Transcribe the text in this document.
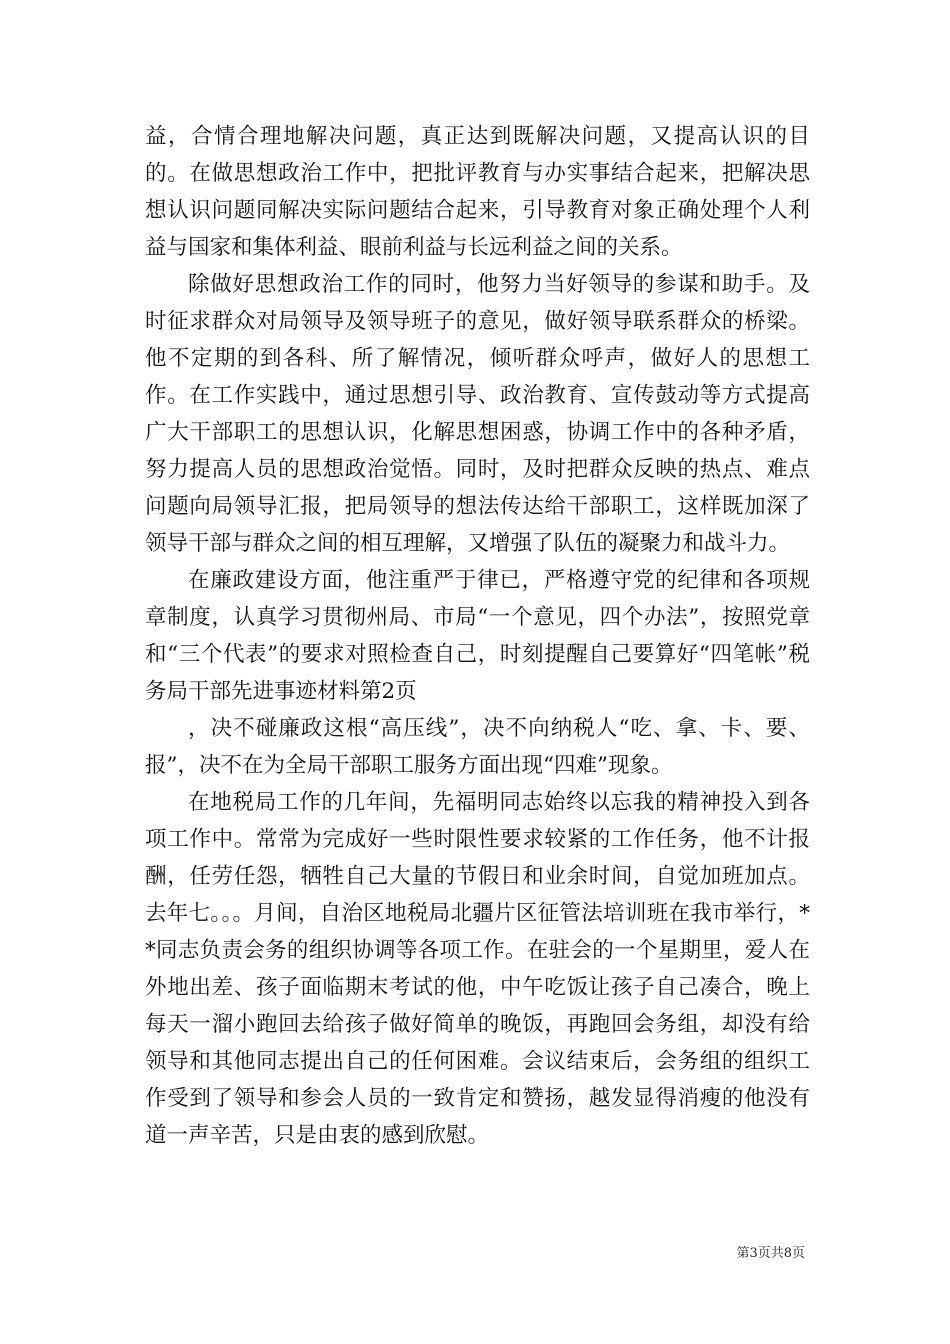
益，合情合理地解决问题，真正达到既解决问题，又提高认识的目的。在做思想政治工作中，把批评教育与办实事结合起来，把解决思想认识问题同解决实际问题结合起来，引导教育对象正确处理个人利益与国家和集体利益、眼前利益与长远利益之间的关系。

除做好思想政治工作的同时，他努力当好领导的参谋和助手。及时征求群众对局领导及领导班子的意见，做好领导联系群众的桥梁。他不定期的到各科、所了解情况，倾听群众呼声，做好人的思想工作。在工作实践中，通过思想引导、政治教育、宣传鼓动等方式提高广大干部职工的思想认识，化解思想困惑，协调工作中的各种矛盾，努力提高人员的思想政治觉悟。同时，及时把群众反映的热点、难点问题向局领导汇报，把局领导的想法传达给干部职工，这样既加深了领导干部与群众之间的相互理解，又增强了队伍的凝聚力和战斗力。

在廉政建设方面，他注重严于律已，严格遵守党的纪律和各项规章制度，认真学习贯彻州局、市局“一个意见，四个办法”，按照党章和“三个代表”的要求对照检查自己，时刻提醒自己要算好“四笔帐”税务局干部先进事迹材料第2页

，决不碰廉政这根“高压线”，决不向纳税人“吃、拿、卡、要、报”，决不在为全局干部职工服务方面出现“四难”现象。

在地税局工作的几年间，先福明同志始终以忘我的精神投入到各项工作中。常常为完成好一些时限性要求较紧的工作任务，他不计报酬，任劳任怨，牺牲自己大量的节假日和业余时间，自觉加班加点。去年七。。。月间，自治区地税局北疆片区征管法培训班在我市举行，**同志负责会务的组织协调等各项工作。在驻会的一个星期里，爱人在外地出差、孩子面临期末考试的他，中午吃饭让孩子自己凑合，晚上每天一溜小跑回去给孩子做好简单的晚饭，再跑回会务组，却没有给领导和其他同志提出自己的任何困难。会议结束后，会务组的组织工作受到了领导和参会人员的一致肯定和赞扬，越发显得消瘦的他没有道一声辛苦，只是由衷的感到欣慰。

第3页共8页
